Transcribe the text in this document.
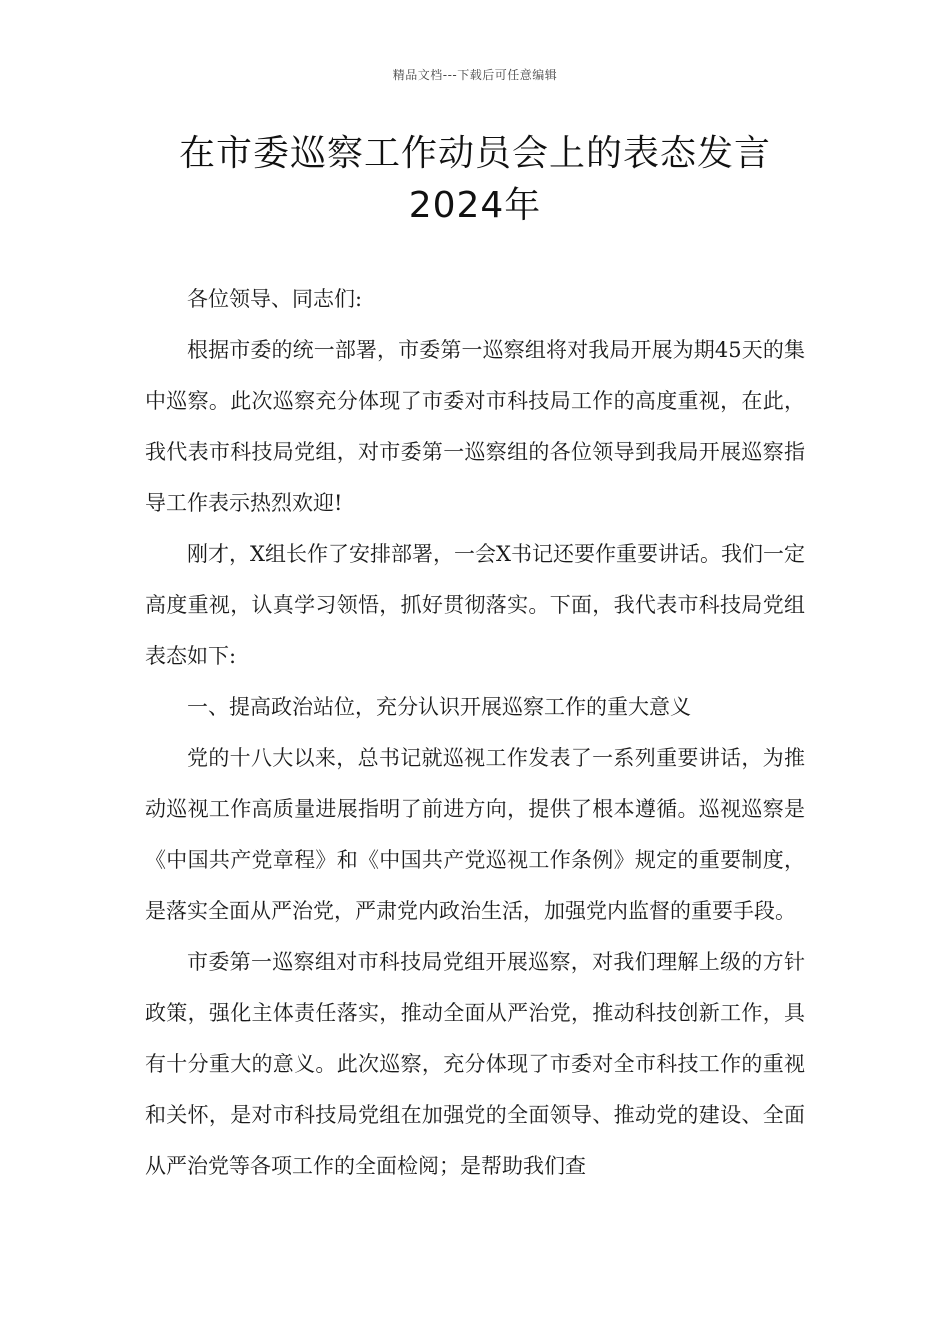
精品文档---下载后可任意编辑
在市委巡察工作动员会上的表态发言
2024年

各位领导、同志们:

根据市委的统一部署，市委第一巡察组将对我局开展为期45天的集中巡察。此次巡察充分体现了市委对市科技局工作的高度重视，在此，我代表市科技局党组，对市委第一巡察组的各位领导到我局开展巡察指导工作表示热烈欢迎!

刚才，X组长作了安排部署，一会X书记还要作重要讲话。我们一定高度重视，认真学习领悟，抓好贯彻落实。下面，我代表市科技局党组表态如下:

一、提高政治站位，充分认识开展巡察工作的重大意义

党的十八大以来，总书记就巡视工作发表了一系列重要讲话，为推动巡视工作高质量进展指明了前进方向，提供了根本遵循。巡视巡察是《中国共产党章程》和《中国共产党巡视工作条例》规定的重要制度，是落实全面从严治党，严肃党内政治生活，加强党内监督的重要手段。

市委第一巡察组对市科技局党组开展巡察，对我们理解上级的方针政策，强化主体责任落实，推动全面从严治党，推动科技创新工作，具有十分重大的意义。此次巡察，充分体现了市委对全市科技工作的重视和关怀，是对市科技局党组在加强党的全面领导、推动党的建设、全面从严治党等各项工作的全面检阅；是帮助我们查
